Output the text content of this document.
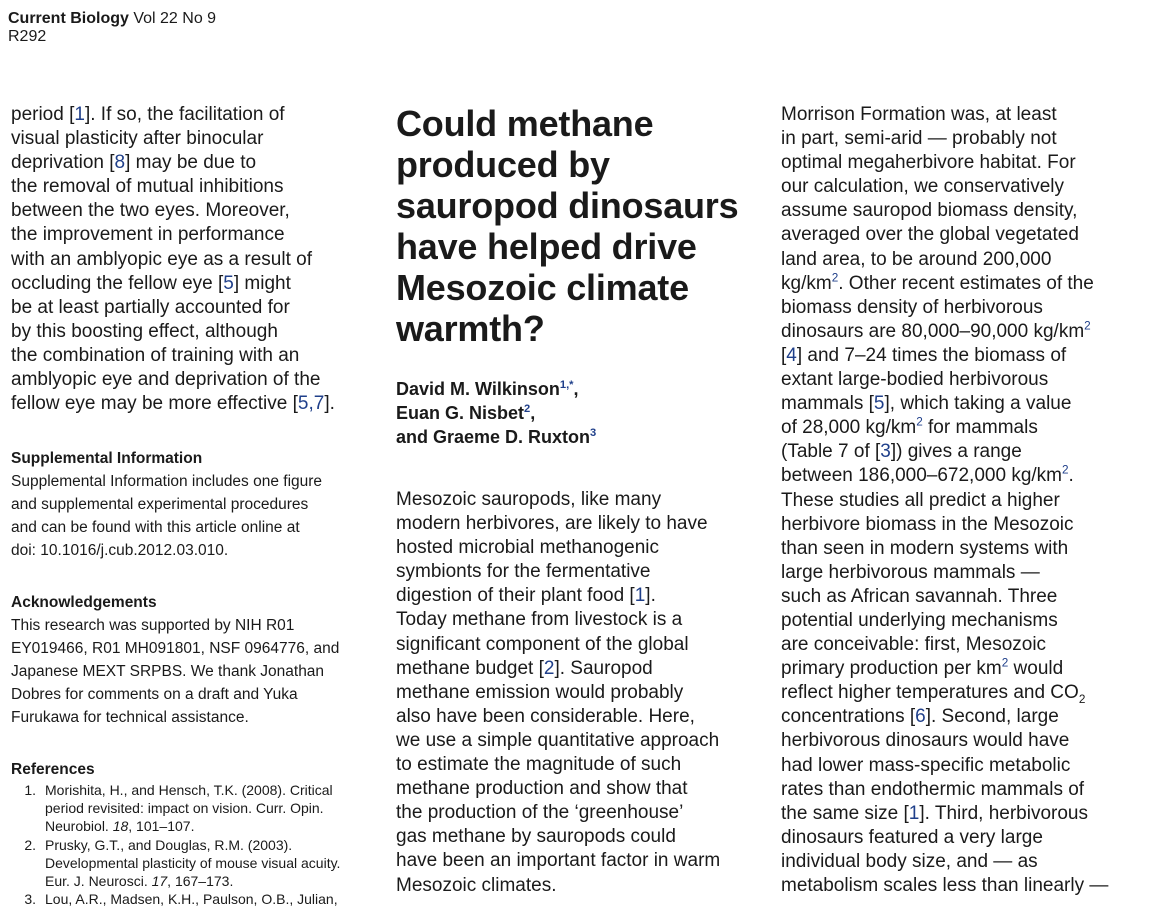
Current Biology Vol 22 No 9
R292

period [1]. If so, the facilitation of
visual plasticity after binocular
deprivation [8] may be due to
the removal of mutual inhibitions
between the two eyes. Moreover,
the improvement in performance
with an amblyopic eye as a result of
occluding the fellow eye [5] might
be at least partially accounted for
by this boosting effect, although
the combination of training with an
amblyopic eye and deprivation of the
fellow eye may be more effective [5,7].

Supplemental Information

Supplemental Information includes one figure
and supplemental experimental procedures
and can be found with this article online at
doi: 10.1016/j.cub.2012.03.010.

Acknowledgements

This research was supported by NIH R01
EY019466, R01 MH091801, NSF 0964776, and
Japanese MEXT SRPBS. We thank Jonathan
Dobres for comments on a draft and Yuka
Furukawa for technical assistance.

References
1. Morishita, H., and Hensch, T.K. (2008). Critical
period revisited: impact on vision. Curr. Opin.
Neurobiol. 18, 101–107.
2. Prusky, G.T., and Douglas, R.M. (2003).
Developmental plasticity of mouse visual acuity.
Eur. J. Neurosci. 17, 167–173.
3. Lou, A.R., Madsen, K.H., Paulson, O.B., Julian,
Could methane
produced by
sauropod dinosaurs
have helped drive
Mesozoic climate
warmth?
David M. Wilkinson$^{1,*}$,
Euan G. Nisbet$^2$,
and Graeme D. Ruxton$^3$

Mesozoic sauropods, like many
modern herbivores, are likely to have
hosted microbial methanogenic
symbionts for the fermentative
digestion of their plant food [1].
Today methane from livestock is a
significant component of the global
methane budget [2]. Sauropod
methane emission would probably
also have been considerable. Here,
we use a simple quantitative approach
to estimate the magnitude of such
methane production and show that
the production of the ‘greenhouse’
gas methane by sauropods could
have been an important factor in warm
Mesozoic climates.

Morrison Formation was, at least
in part, semi-arid — probably not
optimal megaherbivore habitat. For
our calculation, we conservatively
assume sauropod biomass density,
averaged over the global vegetated
land area, to be around 200,000
kg/km$^2$. Other recent estimates of the
biomass density of herbivorous
dinosaurs are 80,000–90,000 kg/km$^2$
[4] and 7–24 times the biomass of
extant large-bodied herbivorous
mammals [5], which taking a value
of 28,000 kg/km$^2$ for mammals
(Table 7 of [3]) gives a range
between 186,000–672,000 kg/km$^2$.
These studies all predict a higher
herbivore biomass in the Mesozoic
than seen in modern systems with
large herbivorous mammals —
such as African savannah. Three
potential underlying mechanisms
are conceivable: first, Mesozoic
primary production per km$^2$ would
reflect higher temperatures and $CO_2$
concentrations [6]. Second, large
herbivorous dinosaurs would have
had lower mass-specific metabolic
rates than endothermic mammals of
the same size [1]. Third, herbivorous
dinosaurs featured a very large
individual body size, and — as
metabolism scales less than linearly —
